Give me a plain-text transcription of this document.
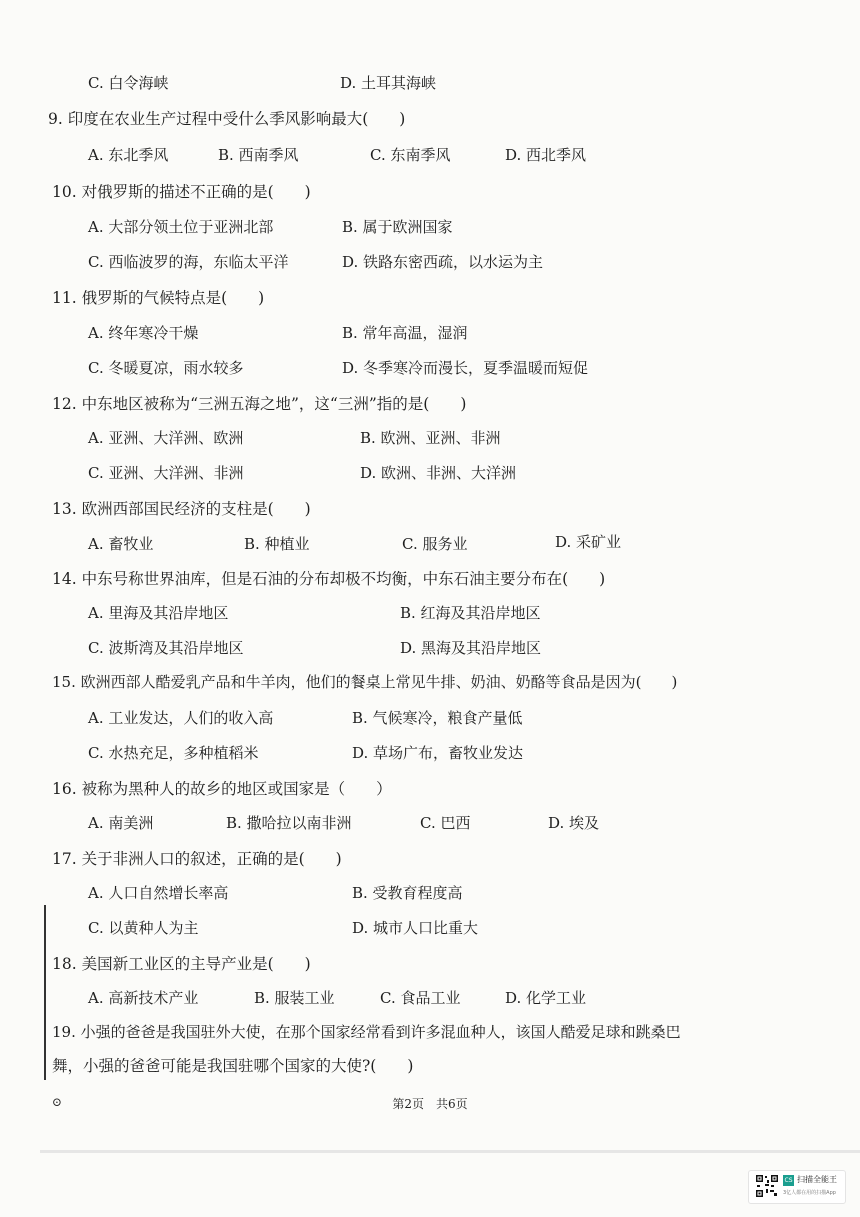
C. 白令海峡	D. 土耳其海峡
9. 印度在农业生产过程中受什么季风影响最大(　　)
A. 东北季风	B. 西南季风	C. 东南季风	D. 西北季风
10. 对俄罗斯的描述不正确的是(　　)
A. 大部分领土位于亚洲北部	B. 属于欧洲国家
C. 西临波罗的海，东临太平洋	D. 铁路东密西疏，以水运为主
11. 俄罗斯的气候特点是(　　)
A. 终年寒冷干燥	B. 常年高温，湿润
C. 冬暖夏凉，雨水较多	D. 冬季寒冷而漫长，夏季温暖而短促
12. 中东地区被称为“三洲五海之地”，这“三洲”指的是(　　)
A. 亚洲、大洋洲、欧洲	B. 欧洲、亚洲、非洲
C. 亚洲、大洋洲、非洲	D. 欧洲、非洲、大洋洲
13. 欧洲西部国民经济的支柱是(　　)
A. 畜牧业	B. 种植业	C. 服务业	D. 采矿业
14. 中东号称世界油库，但是石油的分布却极不均衡，中东石油主要分布在(　　)
A. 里海及其沿岸地区	B. 红海及其沿岸地区
C. 波斯湾及其沿岸地区	D. 黑海及其沿岸地区
15. 欧洲西部人酷爱乳产品和牛羊肉，他们的餐桌上常见牛排、奶油、奶酪等食品是因为(　　)
A. 工业发达，人们的收入高	B. 气候寒冷，粮食产量低
C. 水热充足，多种植稻米	D. 草场广布，畜牧业发达
16. 被称为黑种人的故乡的地区或国家是（　　）
A. 南美洲	B. 撒哈拉以南非洲	C. 巴西	D. 埃及
17. 关于非洲人口的叙述，正确的是(　　)
A. 人口自然增长率高	B. 受教育程度高
C. 以黄种人为主	D. 城市人口比重大
18. 美国新工业区的主导产业是(　　)
A. 高新技术产业	B. 服装工业	C. 食品工业	D. 化学工业
19. 小强的爸爸是我国驻外大使，在那个国家经常看到许多混血种人，该国人酷爱足球和跳桑巴
舞，小强的爸爸可能是我国驻哪个国家的大使?(　　)
⊙	第2页　共6页
CS 扫描全能王
3亿人都在用的扫描App
